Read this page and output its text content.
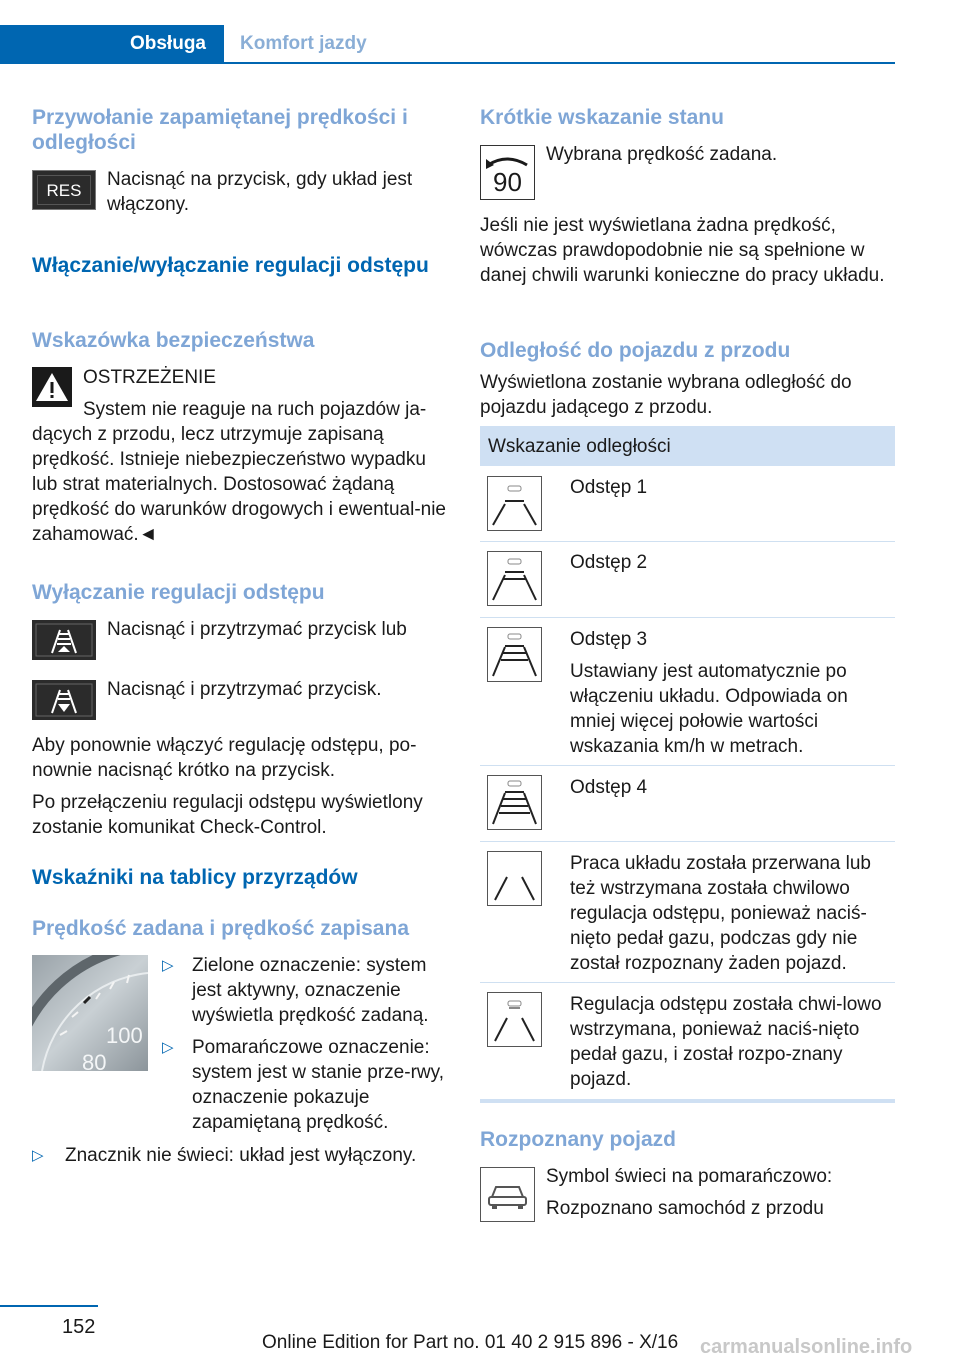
Obsługa	Komfort jazdy
Przywołanie zapamiętanej prędkości i odległości
RES

Nacisnąć na przycisk, gdy układ jest włączony.

Włączanie/wyłączanie regulacji odstępu
Wskazówka bezpieczeństwa

OSTRZEŻENIE

System nie reaguje na ruch pojazdów ja-

dących z przodu, lecz utrzymuje zapisaną prędkość. Istnieje niebezpieczeństwo wypadku lub strat materialnych. Dostosować żądaną prędkość do warunków drogowych i ewentual-nie zahamować.◄

Wyłączanie regulacji odstępu

Nacisnąć i przytrzymać przycisk lub

Nacisnąć i przytrzymać przycisk.

Aby ponownie włączyć regulację odstępu, po-nownie nacisnąć krótko na przycisk.

Po przełączeniu regulacji odstępu wyświetlony zostanie komunikat Check-Control.

Wskaźniki na tablicy przyrządów
Prędkość zadana i prędkość zapisana
100
80
▷ Zielone oznaczenie: system jest aktywny, oznaczenie wyświetla prędkość zadaną.

▷ Pomarańczowe oznaczenie: system jest w stanie prze-rwy, oznaczenie pokazuje zapamiętaną prędkość.

▷ Znacznik nie świeci: układ jest wyłączony.

Krótkie wskazanie stanu
90

Wybrana prędkość zadana.

Jeśli nie jest wyświetlana żadna prędkość, wówczas prawdopodobnie nie są spełnione w danej chwili warunki konieczne do pracy układu.

Odległość do pojazdu z przodu

Wyświetlona zostanie wybrana odległość do pojazdu jadącego z przodu.

Wskazanie odległości

Odstęp 1

Odstęp 2

Odstęp 3

Ustawiany jest automatycznie po włączeniu układu. Odpowiada on mniej więcej połowie wartości wskazania km/h w metrach.

Odstęp 4

Praca układu została przerwana lub też wstrzymana została chwilowo regulacja odstępu, ponieważ naciś-nięto pedał gazu, podczas gdy nie został rozpoznany żaden pojazd.

Regulacja odstępu została chwi-lowo wstrzymana, ponieważ naciś-nięto pedał gazu, i został rozpo-znany pojazd.

Rozpoznany pojazd

Symbol świeci na pomarańczowo:

Rozpoznano samochód z przodu

152
Online Edition for Part no. 01 40 2 915 896 - X/16 carmanualsonline.info
